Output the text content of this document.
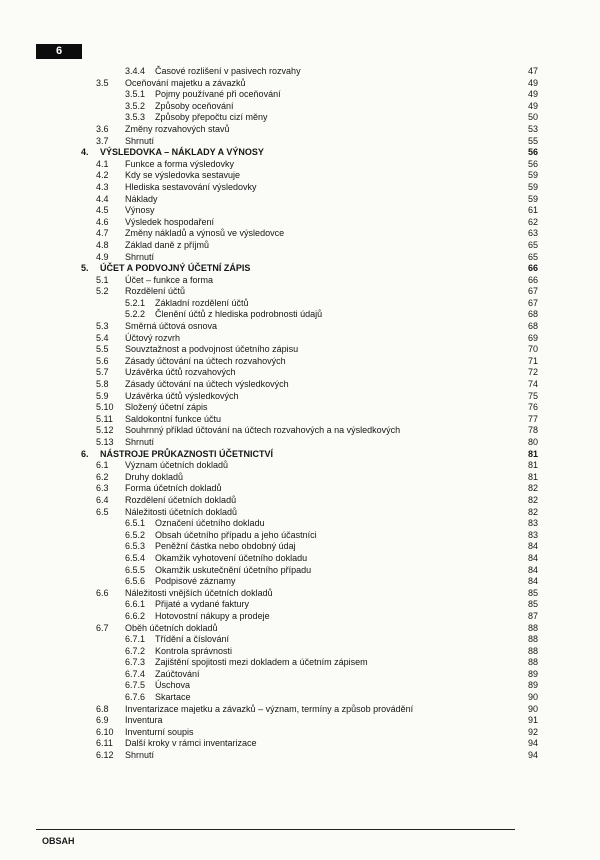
6
3.4.4 Časové rozlišení v pasivech rozvahy	47
3.5 Oceňování majetku a závazků	49
3.5.1 Pojmy používané při oceňování	49
3.5.2 Způsoby oceňování	49
3.5.3 Způsoby přepočtu cizí měny	50
3.6 Změny rozvahových stavů	53
3.7 Shrnutí	55
4. VÝSLEDOVKA – NÁKLADY A VÝNOSY	56
4.1 Funkce a forma výsledovky	56
4.2 Kdy se výsledovka sestavuje	59
4.3 Hlediska sestavování výsledovky	59
4.4 Náklady	59
4.5 Výnosy	61
4.6 Výsledek hospodaření	62
4.7 Změny nákladů a výnosů ve výsledovce	63
4.8 Základ daně z příjmů	65
4.9 Shrnutí	65
5. ÚČET A PODVOJNÝ ÚČETNÍ ZÁPIS	66
5.1 Účet – funkce a forma	66
5.2 Rozdělení účtů	67
5.2.1 Základní rozdělení účtů	67
5.2.2 Členění účtů z hlediska podrobnosti údajů	68
5.3 Směrná účtová osnova	68
5.4 Účtový rozvrh	69
5.5 Souvztažnost a podvojnost účetního zápisu	70
5.6 Zásady účtování na účtech rozvahových	71
5.7 Uzávěrka účtů rozvahových	72
5.8 Zásady účtování na účtech výsledkových	74
5.9 Uzávěrka účtů výsledkových	75
5.10 Složený účetní zápis	76
5.11 Saldokontní funkce účtu	77
5.12 Souhrnný příklad účtování na účtech rozvahových a na výsledkových	78
5.13 Shrnutí	80
6. NÁSTROJE PRŮKAZNOSTI ÚČETNICTVÍ	81
6.1 Význam účetních dokladů	81
6.2 Druhy dokladů	81
6.3 Forma účetních dokladů	82
6.4 Rozdělení účetních dokladů	82
6.5 Náležitosti účetních dokladů	82
6.5.1 Označení účetního dokladu	83
6.5.2 Obsah účetního případu a jeho účastníci	83
6.5.3 Peněžní částka nebo obdobný údaj	84
6.5.4 Okamžik vyhotovení účetního dokladu	84
6.5.5 Okamžik uskutečnění účetního případu	84
6.5.6 Podpisové záznamy	84
6.6 Náležitosti vnějších účetních dokladů	85
6.6.1 Přijaté a vydané faktury	85
6.6.2 Hotovostní nákupy a prodeje	87
6.7 Oběh účetních dokladů	88
6.7.1 Třídění a číslování	88
6.7.2 Kontrola správnosti	88
6.7.3 Zajištění spojitosti mezi dokladem a účetním zápisem	88
6.7.4 Zaúčtování	89
6.7.5 Úschova	89
6.7.6 Skartace	90
6.8 Inventarizace majetku a závazků – význam, termíny a způsob provádění	90
6.9 Inventura	91
6.10 Inventurní soupis	92
6.11 Další kroky v rámci inventarizace	94
6.12 Shrnutí	94
OBSAH
